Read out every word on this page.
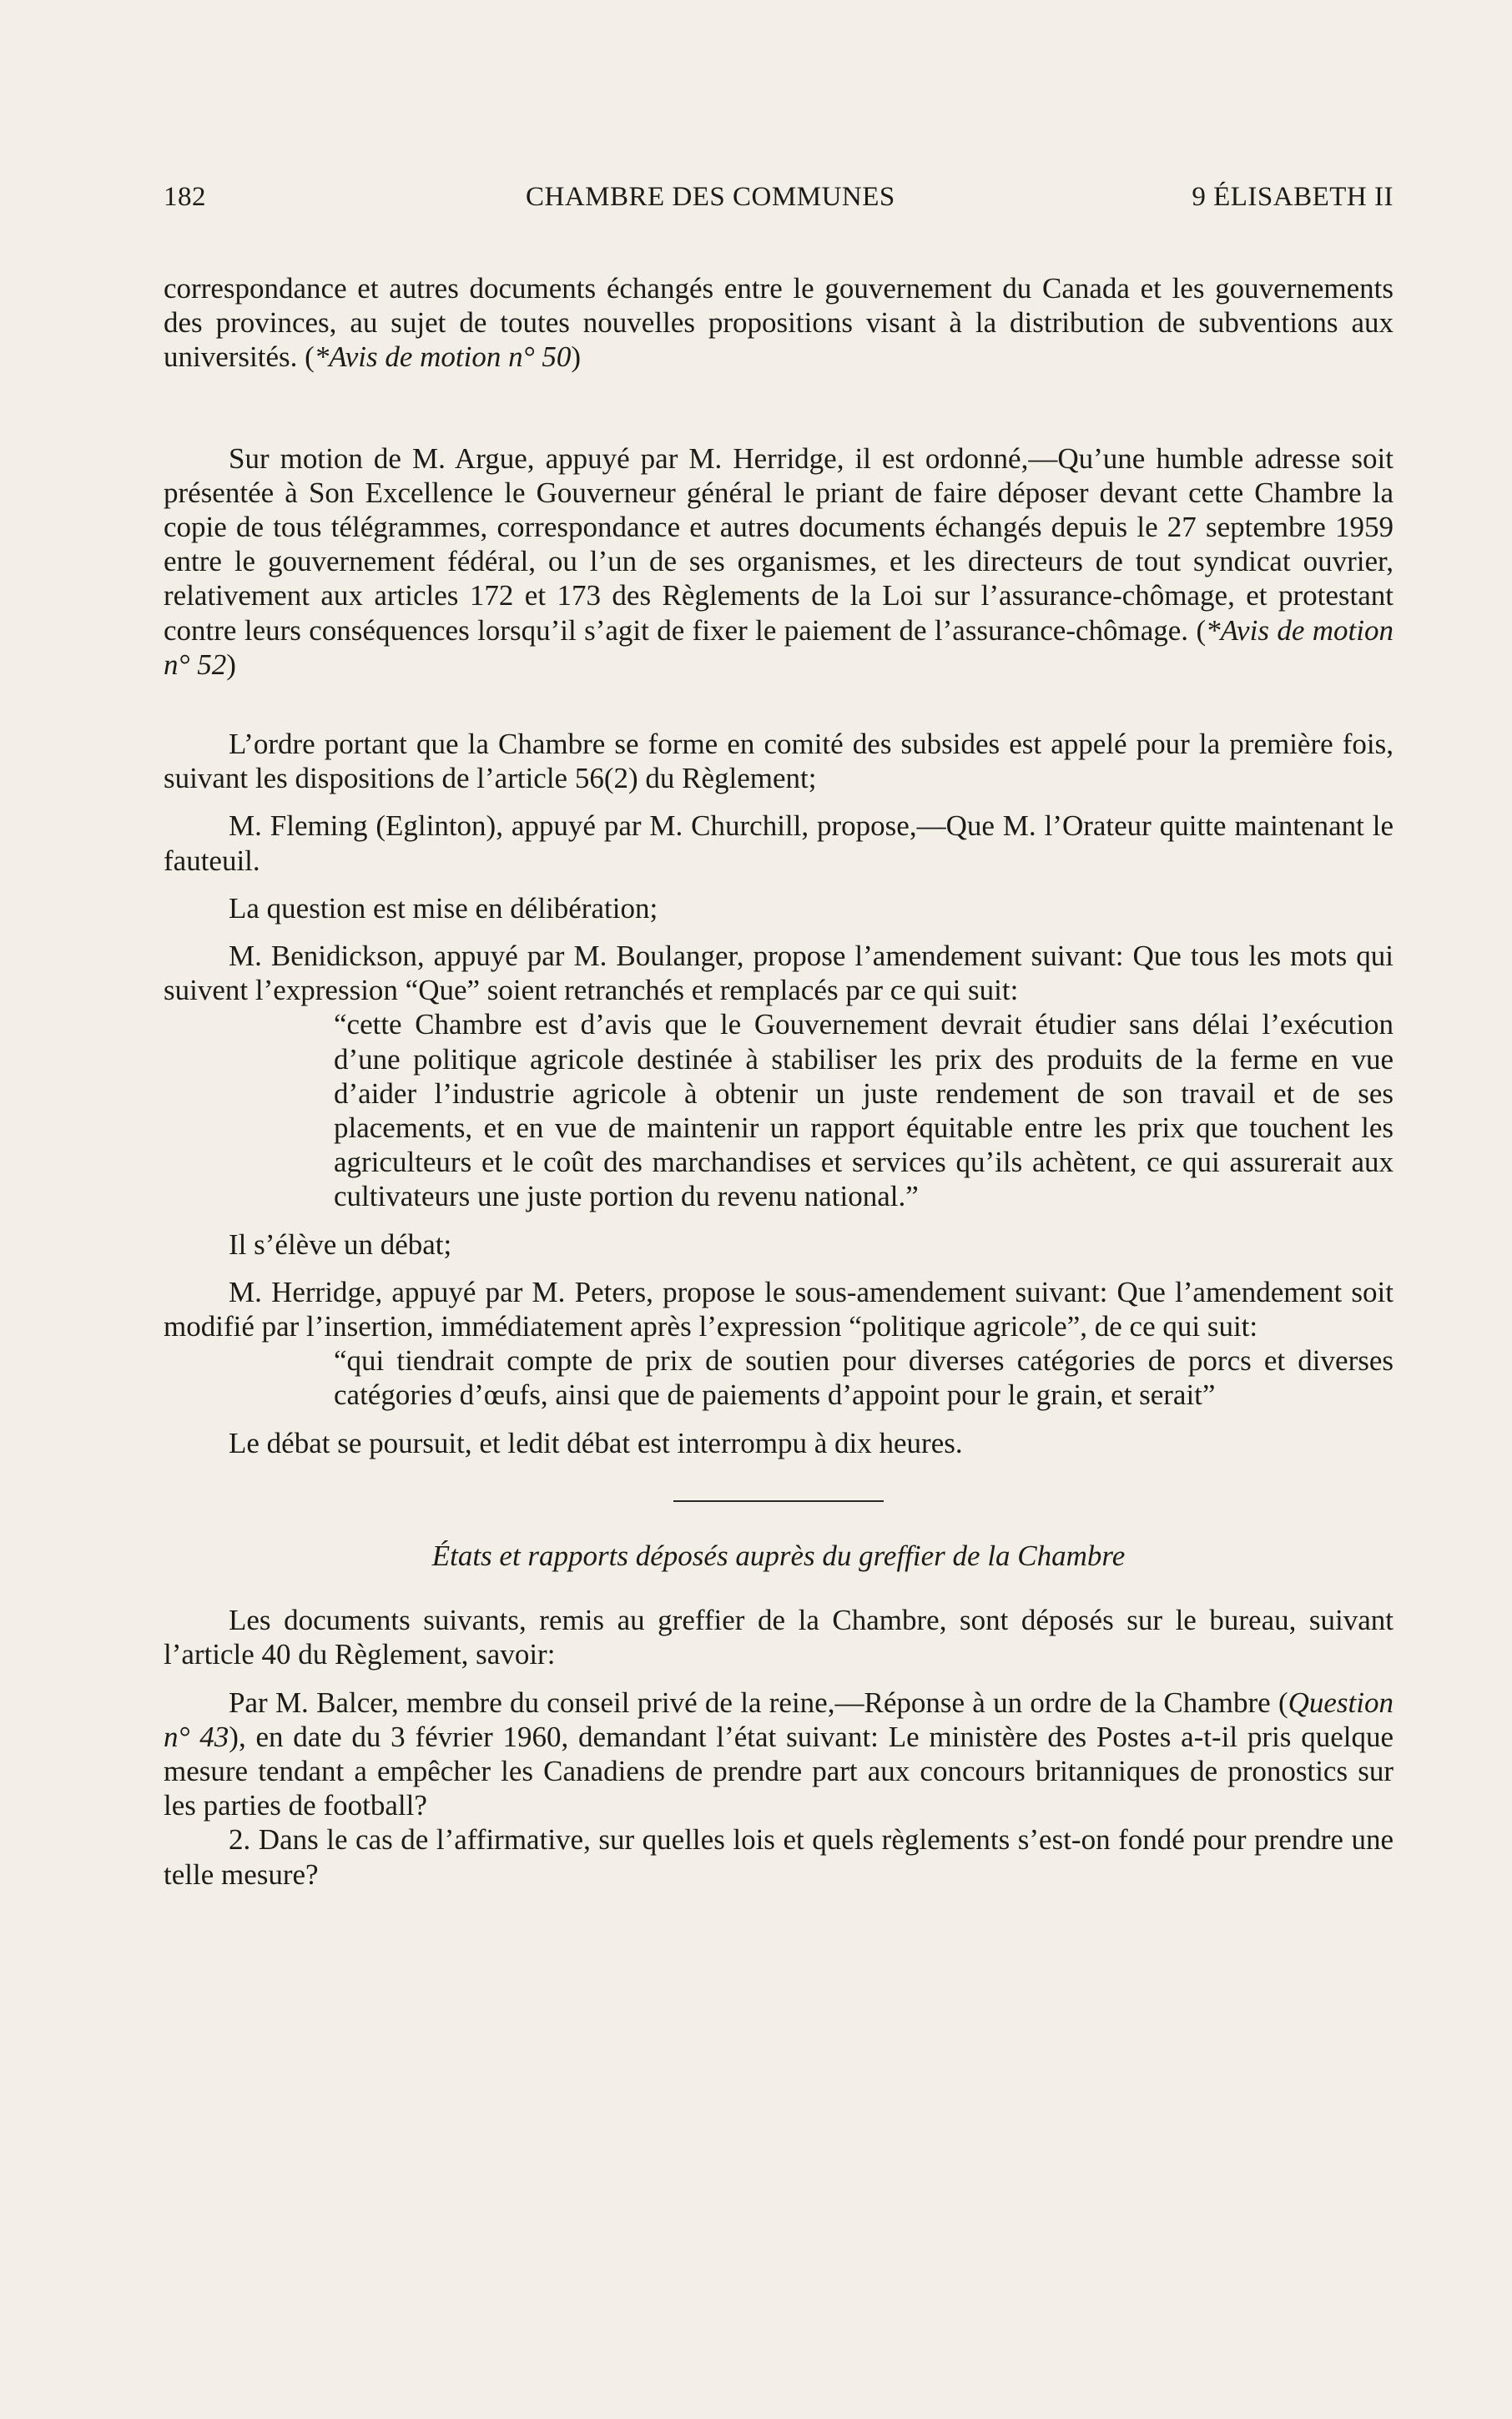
182	CHAMBRE DES COMMUNES	9 ÉLISABETH II

correspondance et autres documents échangés entre le gouvernement du Canada et les gouvernements des provinces, au sujet de toutes nouvelles propositions visant à la distribution de subventions aux universités. (*Avis de motion n° 50)

Sur motion de M. Argue, appuyé par M. Herridge, il est ordonné,—Qu’une humble adresse soit présentée à Son Excellence le Gouverneur général le priant de faire déposer devant cette Chambre la copie de tous télégrammes, correspondance et autres documents échangés depuis le 27 septembre 1959 entre le gouvernement fédéral, ou l’un de ses organismes, et les directeurs de tout syndicat ouvrier, relativement aux articles 172 et 173 des Règlements de la Loi sur l’assurance-chômage, et protestant contre leurs conséquences lorsqu’il s’agit de fixer le paiement de l’assurance-chômage. (*Avis de motion n° 52)

L’ordre portant que la Chambre se forme en comité des subsides est appelé pour la première fois, suivant les dispositions de l’article 56(2) du Règlement;

M. Fleming (Eglinton), appuyé par M. Churchill, propose,—Que M. l’Orateur quitte maintenant le fauteuil.

La question est mise en délibération;

M. Benidickson, appuyé par M. Boulanger, propose l’amendement suivant: Que tous les mots qui suivent l’expression “Que” soient retranchés et remplacés par ce qui suit:

“cette Chambre est d’avis que le Gouvernement devrait étudier sans délai l’exécution d’une politique agricole destinée à stabiliser les prix des produits de la ferme en vue d’aider l’industrie agricole à obtenir un juste rendement de son travail et de ses placements, et en vue de maintenir un rapport équitable entre les prix que touchent les agriculteurs et le coût des marchandises et services qu’ils achètent, ce qui assurerait aux cultivateurs une juste portion du revenu national.”

Il s’élève un débat;

M. Herridge, appuyé par M. Peters, propose le sous-amendement suivant: Que l’amendement soit modifié par l’insertion, immédiatement après l’expression “politique agricole”, de ce qui suit:

“qui tiendrait compte de prix de soutien pour diverses catégories de porcs et diverses catégories d’œufs, ainsi que de paiements d’appoint pour le grain, et serait”

Le débat se poursuit, et ledit débat est interrompu à dix heures.

États et rapports déposés auprès du greffier de la Chambre

Les documents suivants, remis au greffier de la Chambre, sont déposés sur le bureau, suivant l’article 40 du Règlement, savoir:

Par M. Balcer, membre du conseil privé de la reine,—Réponse à un ordre de la Chambre (Question n° 43), en date du 3 février 1960, demandant l’état suivant: Le ministère des Postes a-t-il pris quelque mesure tendant a empêcher les Canadiens de prendre part aux concours britanniques de pronostics sur les parties de football?

2. Dans le cas de l’affirmative, sur quelles lois et quels règlements s’est-on fondé pour prendre une telle mesure?
